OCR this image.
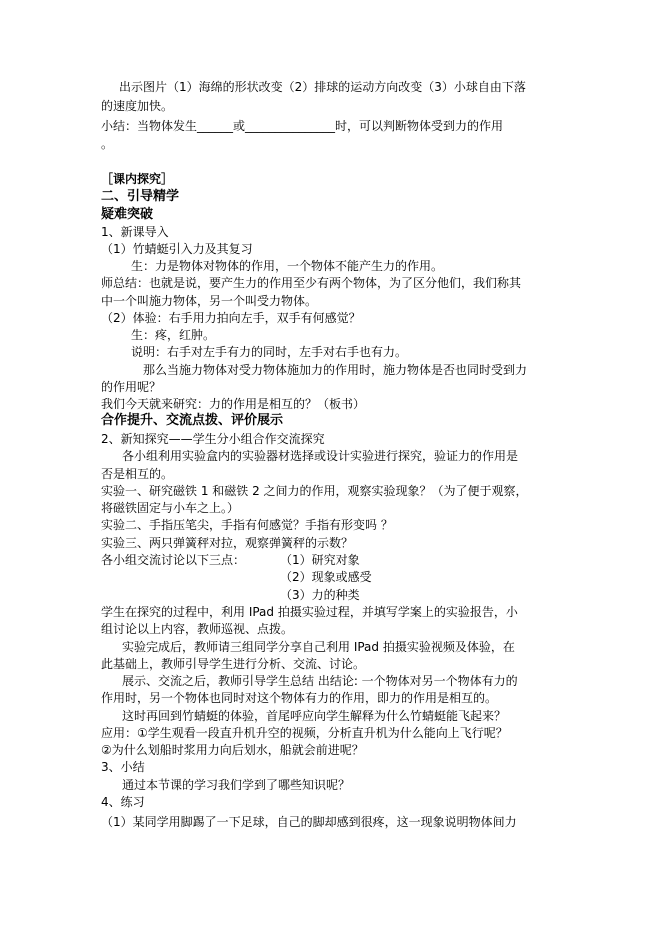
出示图片（1）海绵的形状改变（2）排球的运动方向改变（3）小球自由下落
的速度加快。
小结：当物体发生______或_______________时，可以判断物体受到力的作用
。
［课内探究］
二、引导精学
疑难突破
1、新课导入
（1）竹蜻蜓引入力及其复习
生：力是物体对物体的作用，一个物体不能产生力的作用。
师总结：也就是说，要产生力的作用至少有两个物体，为了区分他们，我们称其
中一个叫施力物体，另一个叫受力物体。
（2）体验：右手用力拍向左手，双手有何感觉？
生：疼，红肿。
说明：右手对左手有力的同时，左手对右手也有力。
那么当施力物体对受力物体施加力的作用时，施力物体是否也同时受到力
的作用呢？
我们今天就来研究：力的作用是相互的？（板书）
合作提升、交流点拨、评价展示
2、新知探究——学生分小组合作交流探究
各小组利用实验盒内的实验器材选择或设计实验进行探究，验证力的作用是
否是相互的。
实验一、研究磁铁 1 和磁铁 2 之间力的作用，观察实验现象？（为了便于观察，
将磁铁固定与小车之上。）
实验二、手指压笔尖，手指有何感觉？手指有形变吗 ？
实验三、两只弹簧秤对拉，观察弹簧秤的示数？
各小组交流讨论以下三点：	（1）研究对象
（2）现象或感受
（3）力的种类
学生在探究的过程中，利用 IPad 拍摄实验过程，并填写学案上的实验报告，小
组讨论以上内容，教师巡视、点拨。
实验完成后，教师请三组同学分享自己利用 IPad 拍摄实验视频及体验，在
此基础上，教师引导学生进行分析、交流、讨论。
展示、交流之后，教师引导学生总结 出结论: 一个物体对另一个物体有力的
作用时，另一个物体也同时对这个物体有力的作用，即力的作用是相互的。
这时再回到竹蜻蜓的体验，首尾呼应向学生解释为什么竹蜻蜓能飞起来？
应用：①学生观看一段直升机升空的视频，分析直升机为什么能向上飞行呢？
②为什么划船时浆用力向后划水，船就会前进呢？
3、小结
通过本节课的学习我们学到了哪些知识呢？
4、练习
（1）某同学用脚踢了一下足球，自己的脚却感到很疼，这一现象说明物体间力
